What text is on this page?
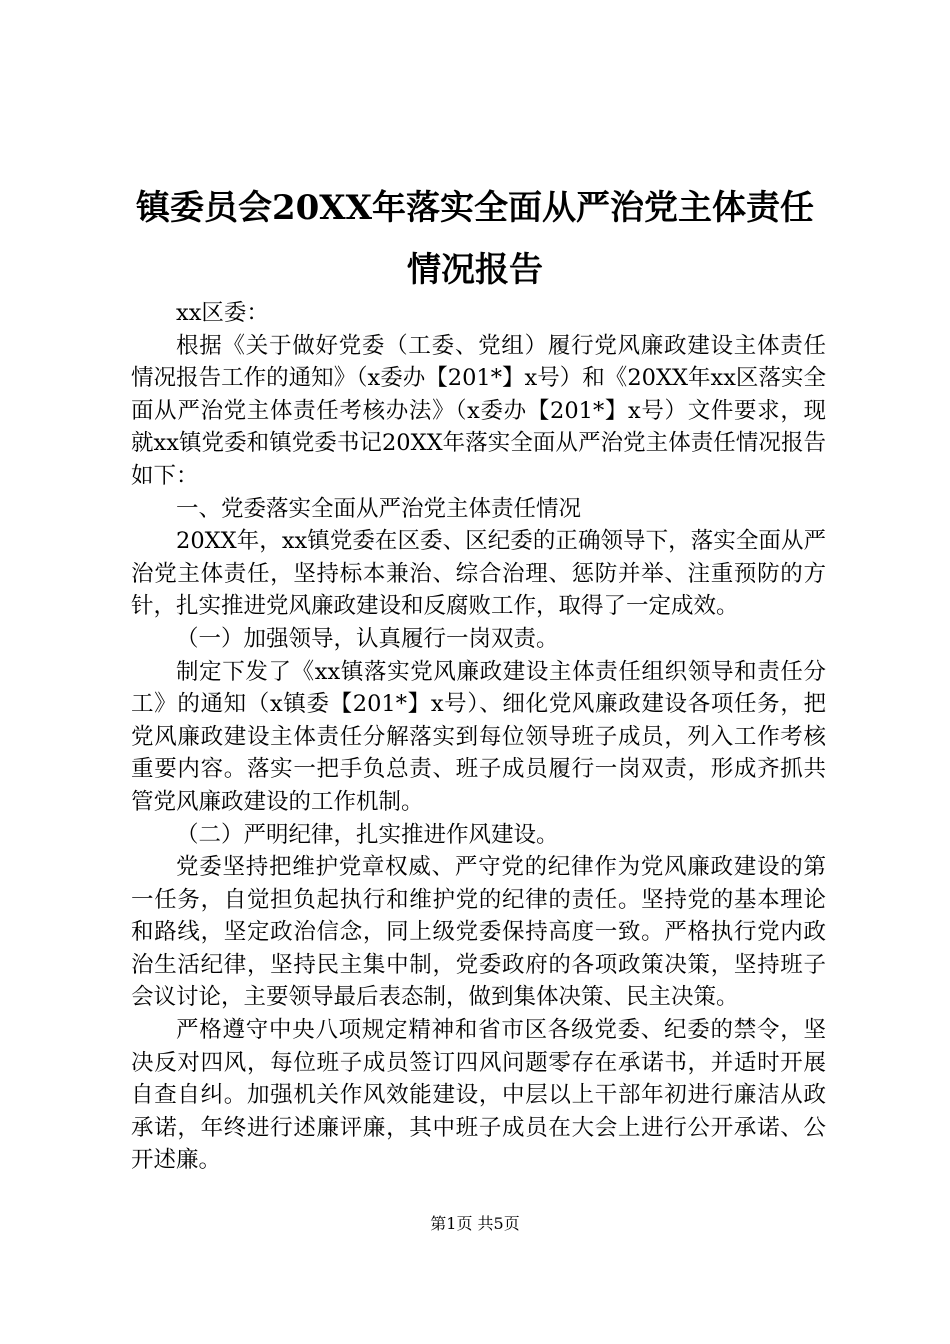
镇委员会20XX年落实全面从严治党主体责任
情况报告

xx区委：

根据《关于做好党委（工委、党组）履行党风廉政建设主体责任情况报告工作的通知》（x委办【201*】x号）和《20XX年xx区落实全面从严治党主体责任考核办法》（x委办【201*】x号）文件要求，现就xx镇党委和镇党委书记20XX年落实全面从严治党主体责任情况报告如下：

一、党委落实全面从严治党主体责任情况

20XX年，xx镇党委在区委、区纪委的正确领导下，落实全面从严治党主体责任，坚持标本兼治、综合治理、惩防并举、注重预防的方针，扎实推进党风廉政建设和反腐败工作，取得了一定成效。

（一）加强领导，认真履行一岗双责。

制定下发了《xx镇落实党风廉政建设主体责任组织领导和责任分工》的通知（x镇委【201*】x号）、细化党风廉政建设各项任务，把党风廉政建设主体责任分解落实到每位领导班子成员，列入工作考核重要内容。落实一把手负总责、班子成员履行一岗双责，形成齐抓共管党风廉政建设的工作机制。

（二）严明纪律，扎实推进作风建设。

党委坚持把维护党章权威、严守党的纪律作为党风廉政建设的第一任务，自觉担负起执行和维护党的纪律的责任。坚持党的基本理论和路线，坚定政治信念，同上级党委保持高度一致。严格执行党内政治生活纪律，坚持民主集中制，党委政府的各项政策决策，坚持班子会议讨论，主要领导最后表态制，做到集体决策、民主决策。

严格遵守中央八项规定精神和省市区各级党委、纪委的禁令，坚决反对四风，每位班子成员签订四风问题零存在承诺书，并适时开展自查自纠。加强机关作风效能建设，中层以上干部年初进行廉洁从政承诺，年终进行述廉评廉，其中班子成员在大会上进行公开承诺、公开述廉。

第1页 共5页
